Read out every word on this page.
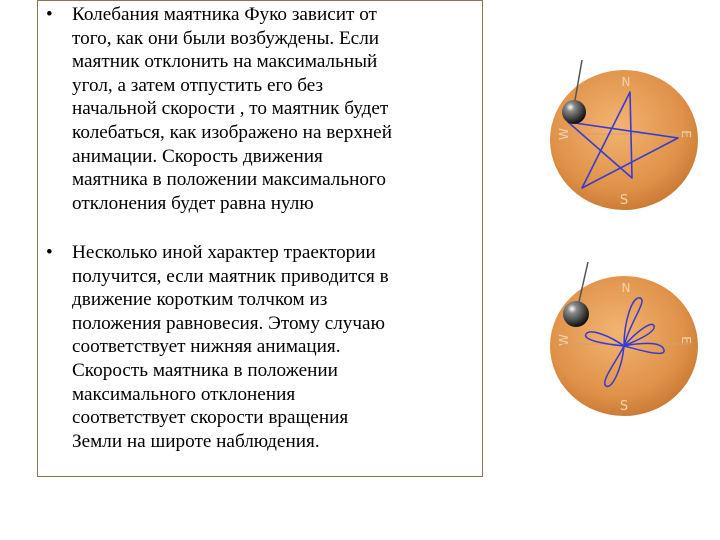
•	Колебания маятника Фуко зависит от
того, как они были возбуждены. Если
маятник отклонить на максимальный
угол, а затем отпустить его без
начальной скорости , то маятник будет
колебаться, как изображено на верхней
анимации. Скорость движения
маятника в положении максимального
отклонения будет равна нулю
•	Несколько иной характер траектории
получится, если маятник приводится в
движение коротким толчком из
положения равновесия. Этому случаю
соответствует нижняя анимация.
Скорость маятника в положении
максимального отклонения
соответствует скорости вращения
Земли на широте наблюдения.
N
E
S
W
N
E
S
W
